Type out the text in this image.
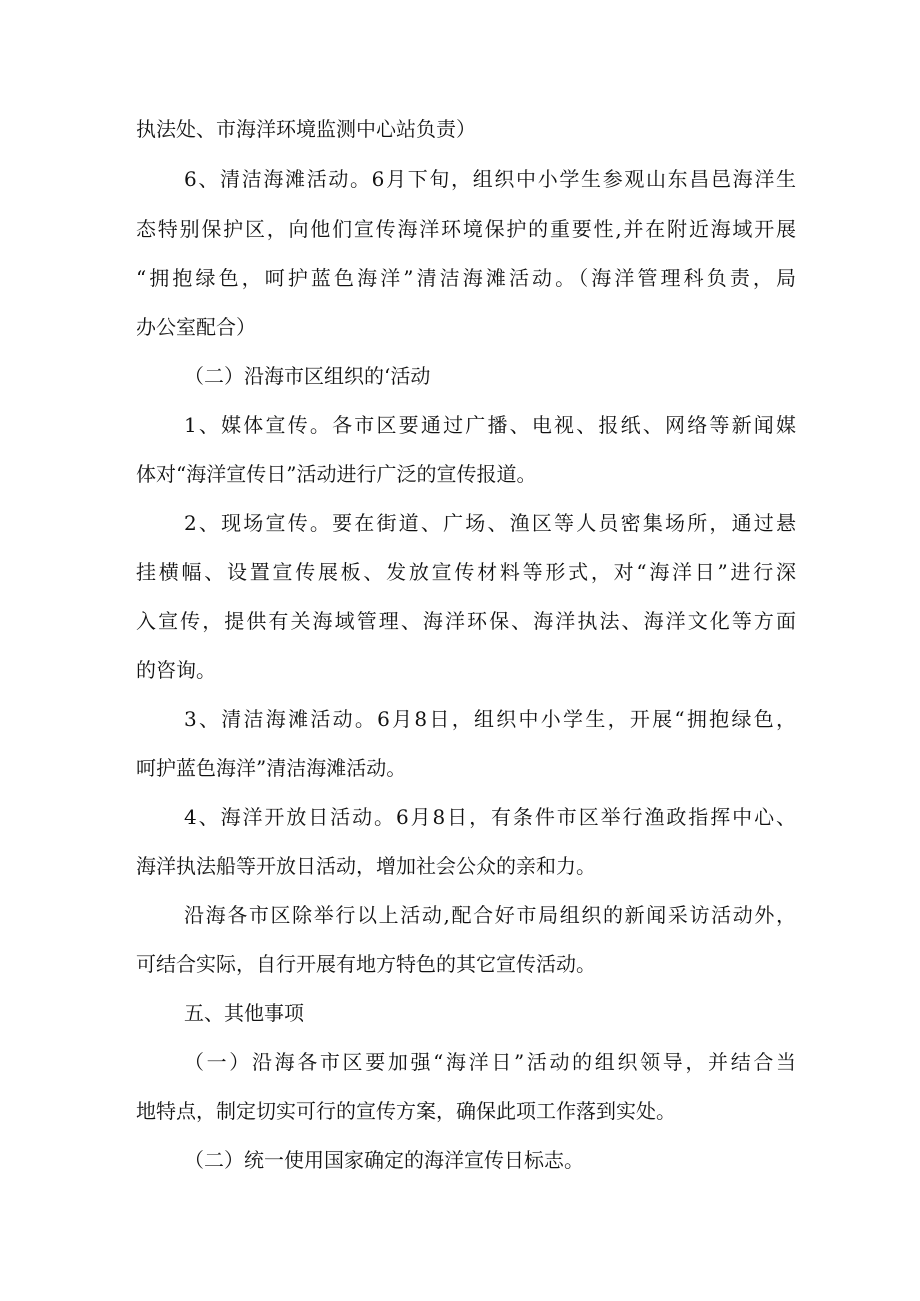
执法处、市海洋环境监测中心站负责）
6、清洁海滩活动。6月下旬，组织中小学生参观山东昌邑海洋生
态特别保护区，向他们宣传海洋环境保护的重要性,并在附近海域开展
“拥抱绿色，呵护蓝色海洋”清洁海滩活动。（海洋管理科负责，局
办公室配合）
（二）沿海市区组织的‘活动
1、媒体宣传。各市区要通过广播、电视、报纸、网络等新闻媒
体对“海洋宣传日”活动进行广泛的宣传报道。
2、现场宣传。要在街道、广场、渔区等人员密集场所，通过悬
挂横幅、设置宣传展板、发放宣传材料等形式，对“海洋日”进行深
入宣传，提供有关海域管理、海洋环保、海洋执法、海洋文化等方面
的咨询。
3、清洁海滩活动。6月8日，组织中小学生，开展“拥抱绿色，
呵护蓝色海洋”清洁海滩活动。
4、海洋开放日活动。6月8日，有条件市区举行渔政指挥中心、
海洋执法船等开放日活动，增加社会公众的亲和力。
沿海各市区除举行以上活动,配合好市局组织的新闻采访活动外，
可结合实际，自行开展有地方特色的其它宣传活动。
五、其他事项
（一）沿海各市区要加强“海洋日”活动的组织领导，并结合当
地特点，制定切实可行的宣传方案，确保此项工作落到实处。
（二）统一使用国家确定的海洋宣传日标志。
